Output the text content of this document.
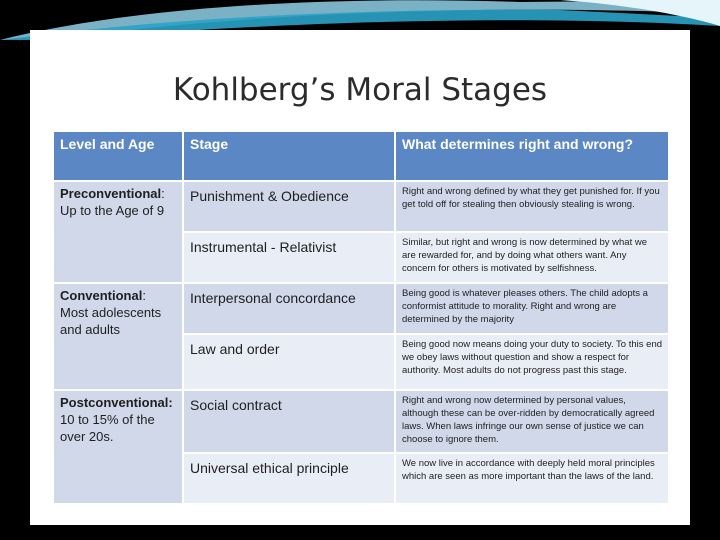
Kohlberg’s Moral Stages
Level and Age	Stage	What determines right and wrong?
Preconventional:
Up to the Age of 9	Punishment & Obedience	Right and wrong defined by what they get punished for. If you get told off for stealing then obviously stealing is wrong.
	Instrumental - Relativist	Similar, but right and wrong is now determined by what we are rewarded for, and by doing what others want. Any concern for others is motivated by selfishness.
Conventional:
Most adolescents and adults	Interpersonal concordance	Being good is whatever pleases others. The child adopts a conformist attitude to morality. Right and wrong are determined by the majority
	Law and order	Being good now means doing your duty to society. To this end we obey laws without question and show a respect for authority. Most adults do not progress past this stage.
Postconventional:
10 to 15% of the over 20s.	Social contract	Right and wrong now determined by personal values, although these can be over-ridden by democratically agreed laws. When laws infringe our own sense of justice we can choose to ignore them.
	Universal ethical principle	We now live in accordance with deeply held moral principles which are seen as more important than the laws of the land.
